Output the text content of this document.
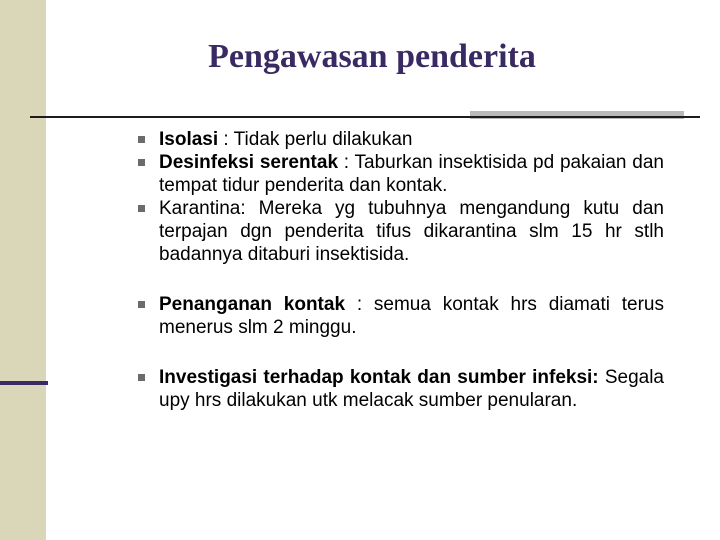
Pengawasan penderita
Isolasi : Tidak perlu dilakukan
Desinfeksi serentak : Taburkan insektisida pd pakaian dan tempat tidur penderita dan kontak.
Karantina: Mereka yg tubuhnya mengandung kutu dan terpajan dgn penderita tifus dikarantina slm 15 hr stlh badannya ditaburi insektisida.
Penanganan kontak : semua kontak hrs diamati terus menerus slm 2 minggu.
Investigasi terhadap kontak dan sumber infeksi: Segala upy hrs dilakukan utk melacak sumber penularan.
